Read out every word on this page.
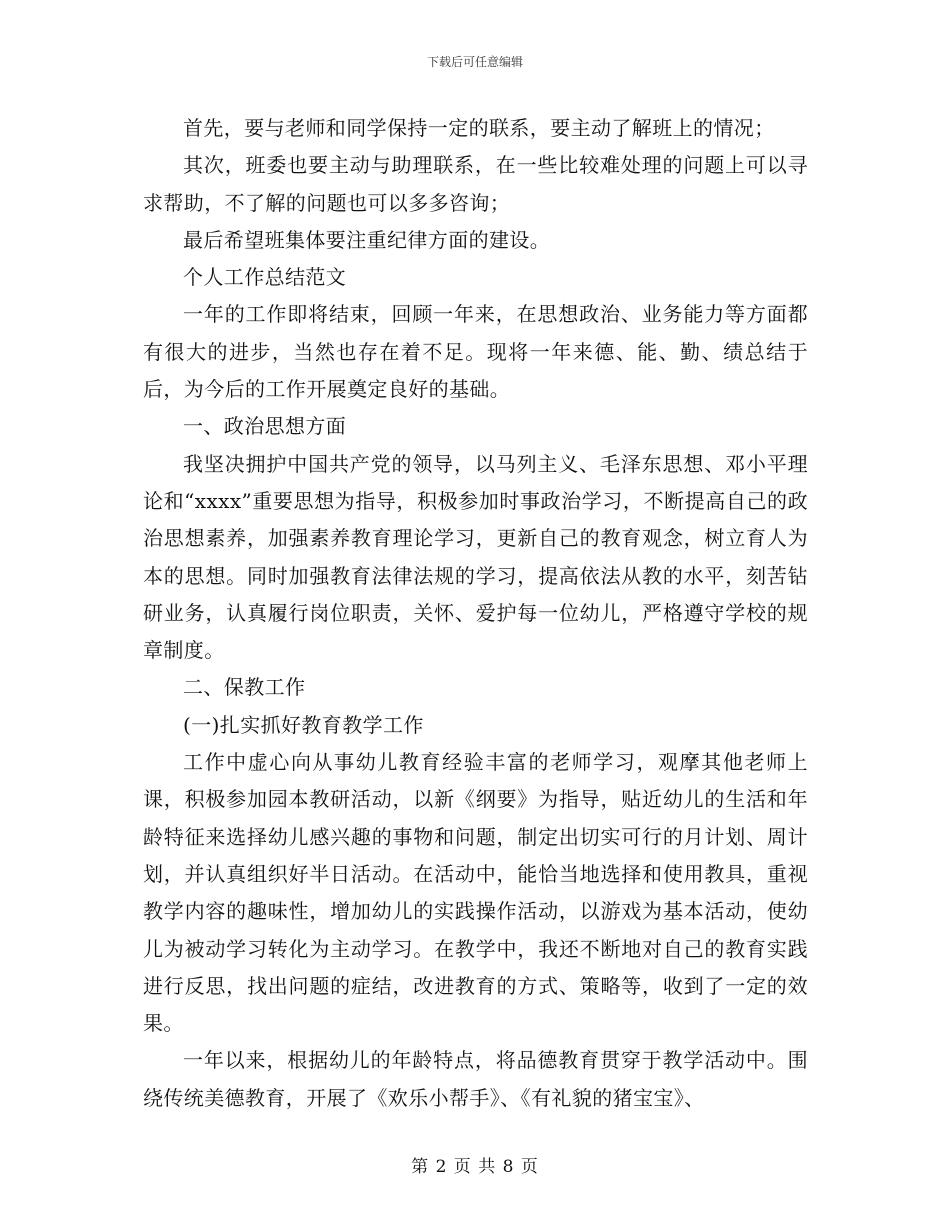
下载后可任意编辑

首先，要与老师和同学保持一定的联系，要主动了解班上的情况；

其次，班委也要主动与助理联系，在一些比较难处理的问题上可以寻求帮助，不了解的问题也可以多多咨询；

最后希望班集体要注重纪律方面的建设。

个人工作总结范文

一年的工作即将结束，回顾一年来，在思想政治、业务能力等方面都有很大的进步，当然也存在着不足。现将一年来德、能、勤、绩总结于后，为今后的工作开展奠定良好的基础。

一、政治思想方面

我坚决拥护中国共产党的领导，以马列主义、毛泽东思想、邓小平理论和“xxxx”重要思想为指导，积极参加时事政治学习，不断提高自己的政治思想素养，加强素养教育理论学习，更新自己的教育观念，树立育人为本的思想。同时加强教育法律法规的学习，提高依法从教的水平，刻苦钻研业务，认真履行岗位职责，关怀、爱护每一位幼儿，严格遵守学校的规章制度。

二、保教工作

(一)扎实抓好教育教学工作

工作中虚心向从事幼儿教育经验丰富的老师学习，观摩其他老师上课，积极参加园本教研活动，以新《纲要》为指导，贴近幼儿的生活和年龄特征来选择幼儿感兴趣的事物和问题，制定出切实可行的月计划、周计划，并认真组织好半日活动。在活动中，能恰当地选择和使用教具，重视教学内容的趣味性，增加幼儿的实践操作活动，以游戏为基本活动，使幼儿为被动学习转化为主动学习。在教学中，我还不断地对自己的教育实践进行反思，找出问题的症结，改进教育的方式、策略等，收到了一定的效果。

一年以来，根据幼儿的年龄特点，将品德教育贯穿于教学活动中。围绕传统美德教育，开展了《欢乐小帮手》、《有礼貌的猪宝宝》、

第 2 页 共 8 页
